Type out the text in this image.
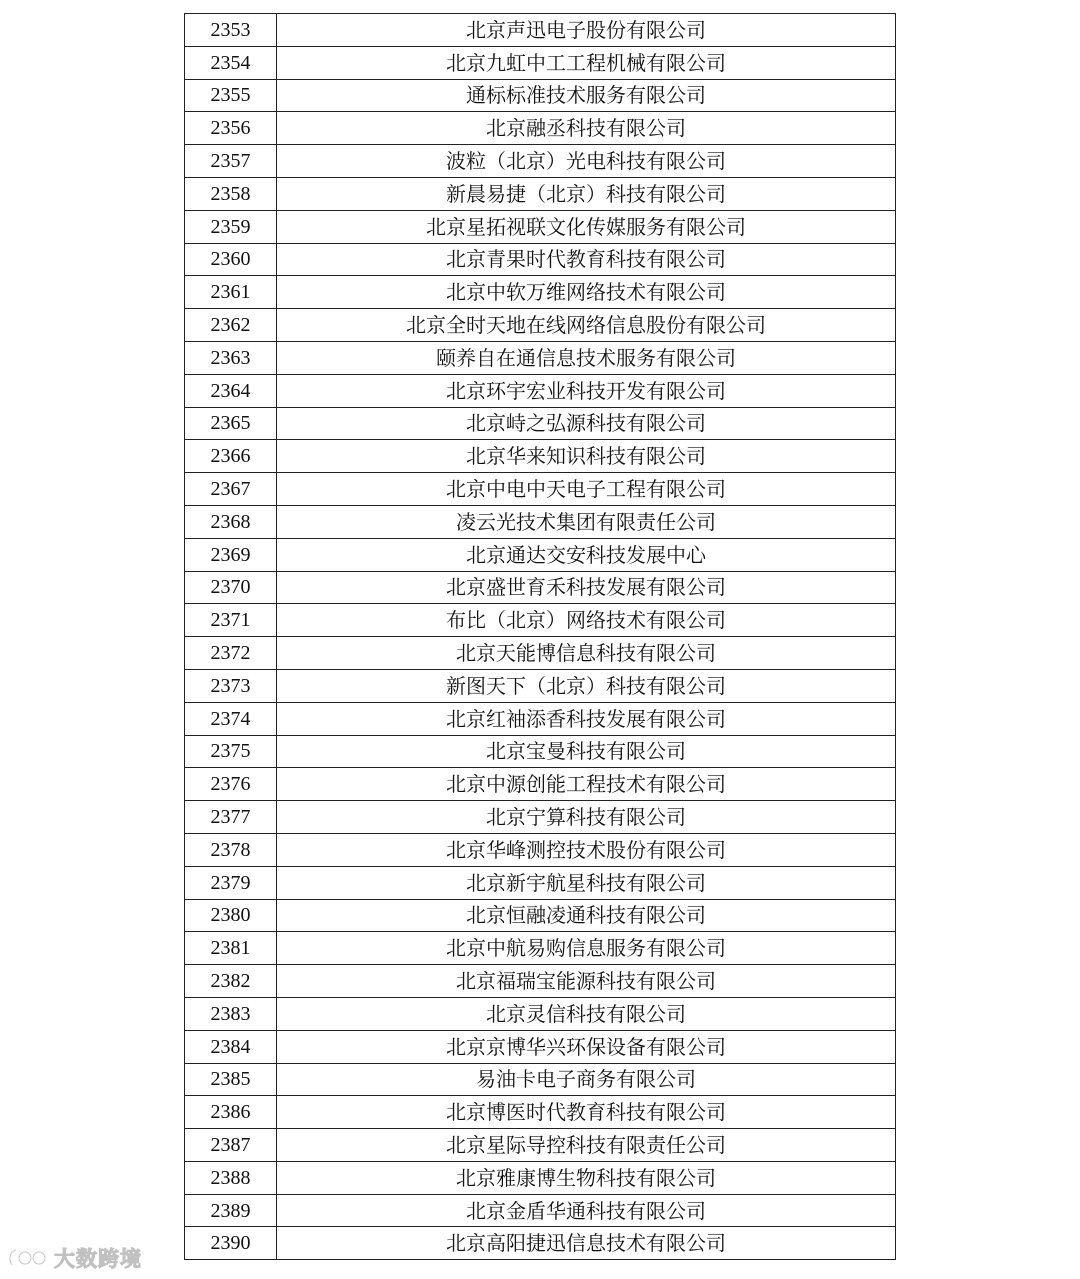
2353	北京声迅电子股份有限公司
2354	北京九虹中工工程机械有限公司
2355	通标标准技术服务有限公司
2356	北京融丞科技有限公司
2357	波粒（北京）光电科技有限公司
2358	新晨易捷（北京）科技有限公司
2359	北京星拓视联文化传媒服务有限公司
2360	北京青果时代教育科技有限公司
2361	北京中软万维网络技术有限公司
2362	北京全时天地在线网络信息股份有限公司
2363	颐养自在通信息技术服务有限公司
2364	北京环宇宏业科技开发有限公司
2365	北京峙之弘源科技有限公司
2366	北京华来知识科技有限公司
2367	北京中电中天电子工程有限公司
2368	凌云光技术集团有限责任公司
2369	北京通达交安科技发展中心
2370	北京盛世育禾科技发展有限公司
2371	布比（北京）网络技术有限公司
2372	北京天能博信息科技有限公司
2373	新图天下（北京）科技有限公司
2374	北京红袖添香科技发展有限公司
2375	北京宝曼科技有限公司
2376	北京中源创能工程技术有限公司
2377	北京宁算科技有限公司
2378	北京华峰测控技术股份有限公司
2379	北京新宇航星科技有限公司
2380	北京恒融凌通科技有限公司
2381	北京中航易购信息服务有限公司
2382	北京福瑞宝能源科技有限公司
2383	北京灵信科技有限公司
2384	北京京博华兴环保设备有限公司
2385	易油卡电子商务有限公司
2386	北京博医时代教育科技有限公司
2387	北京星际导控科技有限责任公司
2388	北京雅康博生物科技有限公司
2389	北京金盾华通科技有限公司
2390	北京高阳捷迅信息技术有限公司
大数跨境
